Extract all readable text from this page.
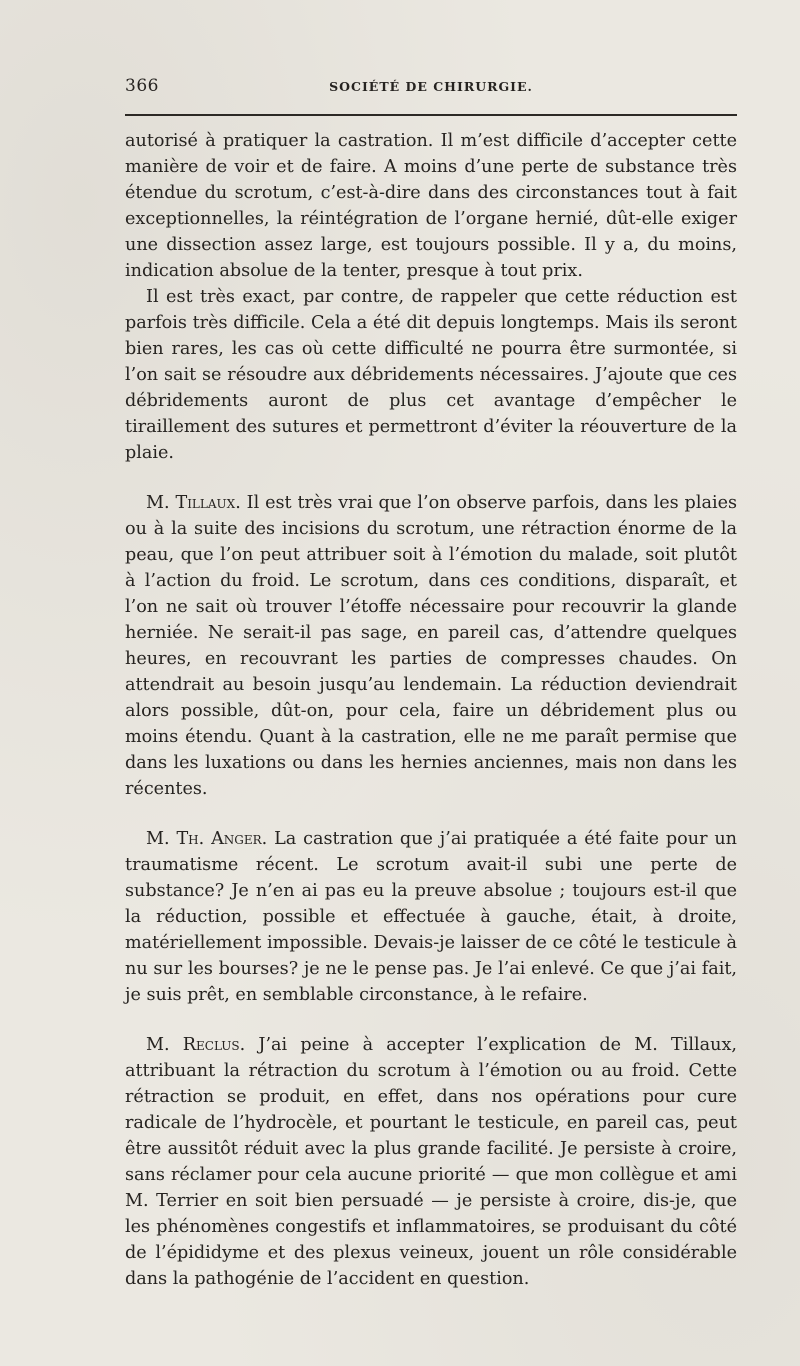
366	SOCIÉTÉ DE CHIRURGIE.

autorisé à pratiquer la castration. Il m’est difficile d’accepter cette manière de voir et de faire. A moins d’une perte de substance très étendue du scrotum, c’est-à-dire dans des circonstances tout à fait exceptionnelles, la réintégration de l’organe hernié, dût-elle exiger une dissection assez large, est toujours possible. Il y a, du moins, indication absolue de la tenter, presque à tout prix.

Il est très exact, par contre, de rappeler que cette réduction est parfois très difficile. Cela a été dit depuis longtemps. Mais ils seront bien rares, les cas où cette difficulté ne pourra être surmontée, si l’on sait se résoudre aux débridements nécessaires. J’ajoute que ces débridements auront de plus cet avantage d’empêcher le tiraillement des sutures et permettront d’éviter la réouverture de la plaie.

M. Tillaux. Il est très vrai que l’on observe parfois, dans les plaies ou à la suite des incisions du scrotum, une rétraction énorme de la peau, que l’on peut attribuer soit à l’émotion du malade, soit plutôt à l’action du froid. Le scrotum, dans ces conditions, disparaît, et l’on ne sait où trouver l’étoffe nécessaire pour recouvrir la glande herniée. Ne serait-il pas sage, en pareil cas, d’attendre quelques heures, en recouvrant les parties de compresses chaudes. On attendrait au besoin jusqu’au lendemain. La réduction deviendrait alors possible, dût-on, pour cela, faire un débridement plus ou moins étendu. Quant à la castration, elle ne me paraît permise que dans les luxations ou dans les hernies anciennes, mais non dans les récentes.

M. Th. Anger. La castration que j’ai pratiquée a été faite pour un traumatisme récent. Le scrotum avait-il subi une perte de substance? Je n’en ai pas eu la preuve absolue ; toujours est-il que la réduction, possible et effectuée à gauche, était, à droite, matériellement impossible. Devais-je laisser de ce côté le testicule à nu sur les bourses? je ne le pense pas. Je l’ai enlevé. Ce que j’ai fait, je suis prêt, en semblable circonstance, à le refaire.

M. Reclus. J’ai peine à accepter l’explication de M. Tillaux, attribuant la rétraction du scrotum à l’émotion ou au froid. Cette rétraction se produit, en effet, dans nos opérations pour cure radicale de l’hydrocèle, et pourtant le testicule, en pareil cas, peut être aussitôt réduit avec la plus grande facilité. Je persiste à croire, sans réclamer pour cela aucune priorité — que mon collègue et ami M. Terrier en soit bien persuadé — je persiste à croire, dis-je, que les phénomènes congestifs et inflammatoires, se produisant du côté de l’épididyme et des plexus veineux, jouent un rôle considérable dans la pathogénie de l’accident en question.
